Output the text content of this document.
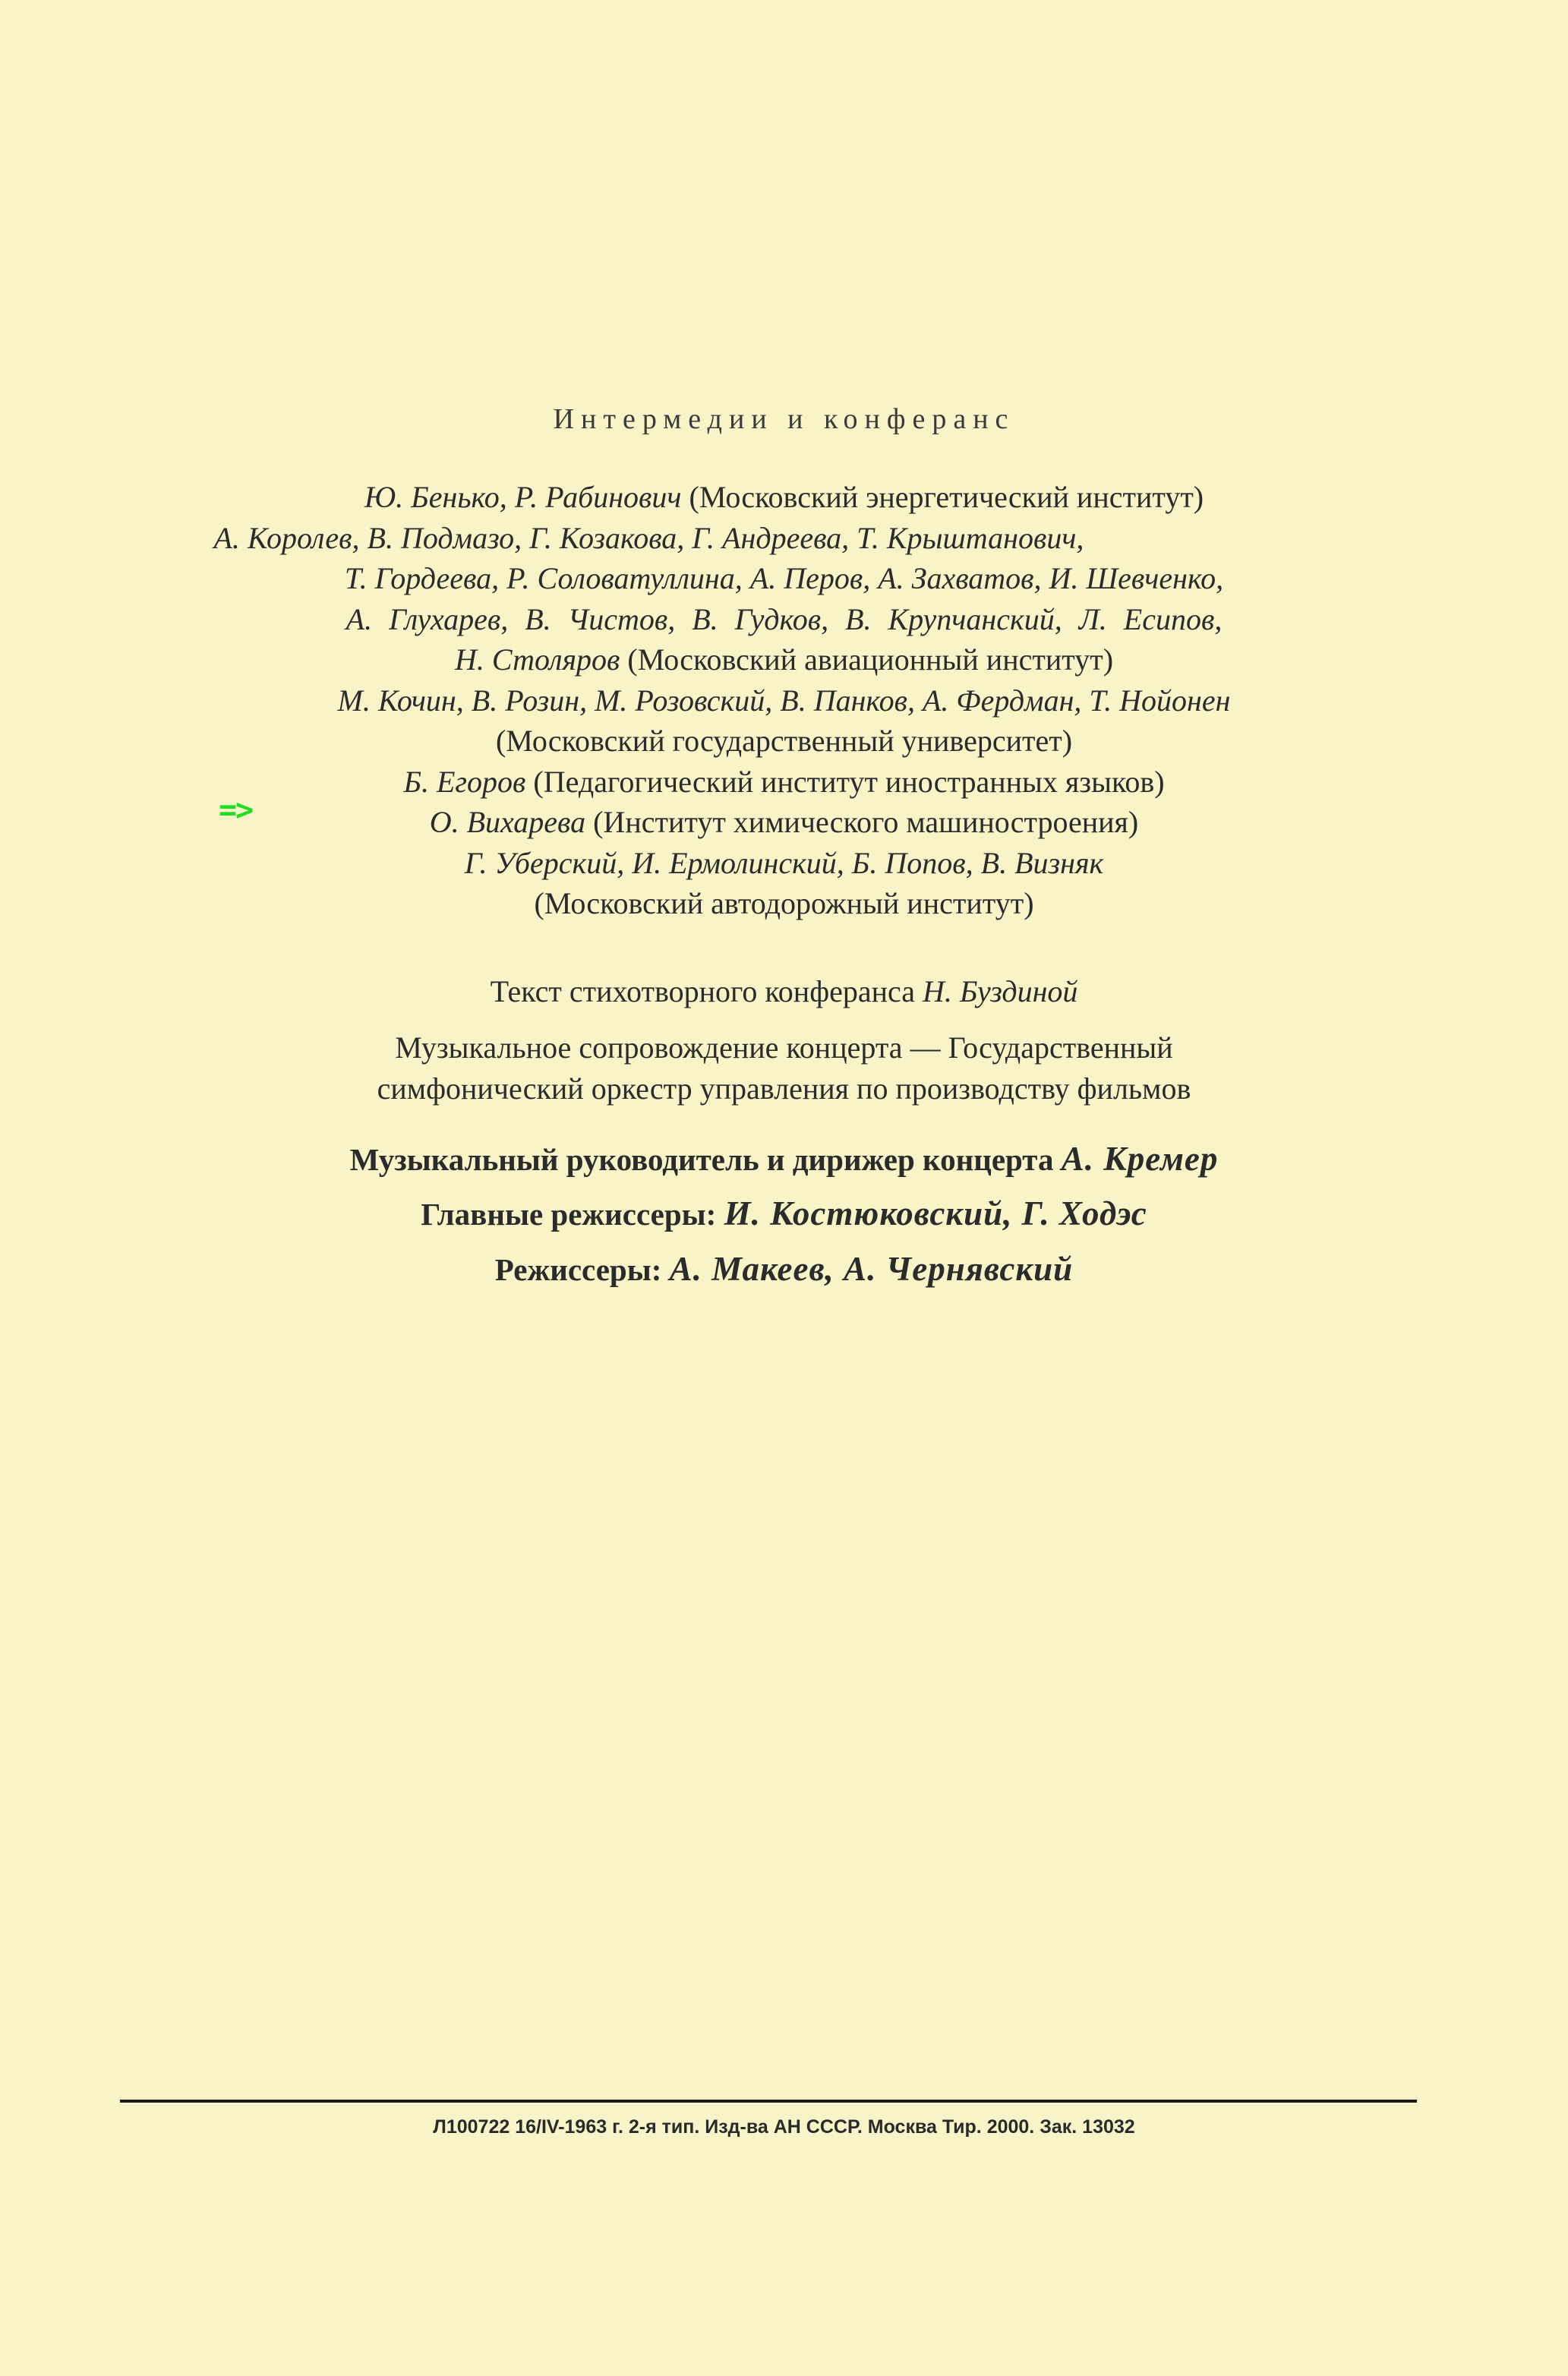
Интермедии и конферанс
Ю. Бенько, Р. Рабинович (Московский энергетический институт)
А. Королев, В. Подмазо, Г. Козакова, Г. Андреева, Т. Крыштанович,
Т. Гордеева, Р. Соловатуллина, А. Перов, А. Захватов, И. Шевченко,
А. Глухарев, В. Чистов, В. Гудков, В. Крупчанский, Л. Есипов,
Н. Столяров (Московский авиационный институт)
М. Кочин, В. Розин, М. Розовский, В. Панков, А. Фердман, Т. Нойонен
(Московский государственный университет)
Б. Егоров (Педагогический институт иностранных языков)
О. Вихарева (Институт химического машиностроения)
Г. Уберский, И. Ермолинский, Б. Попов, В. Визняк
(Московский автодорожный институт)
=>
Текст стихотворного конферанса Н. Буздиной
Музыкальное сопровождение концерта — Государственный
симфонический оркестр управления по производству фильмов
Музыкальный руководитель и дирижер концерта А. Кремер
Главные режиссеры: И. Костюковский, Г. Ходэс
Режиссеры: А. Макеев, А. Чернявский
Л100722 16/IV-1963 г. 2-я тип. Изд-ва АН СССР. Москва Тир. 2000. Зак. 13032
